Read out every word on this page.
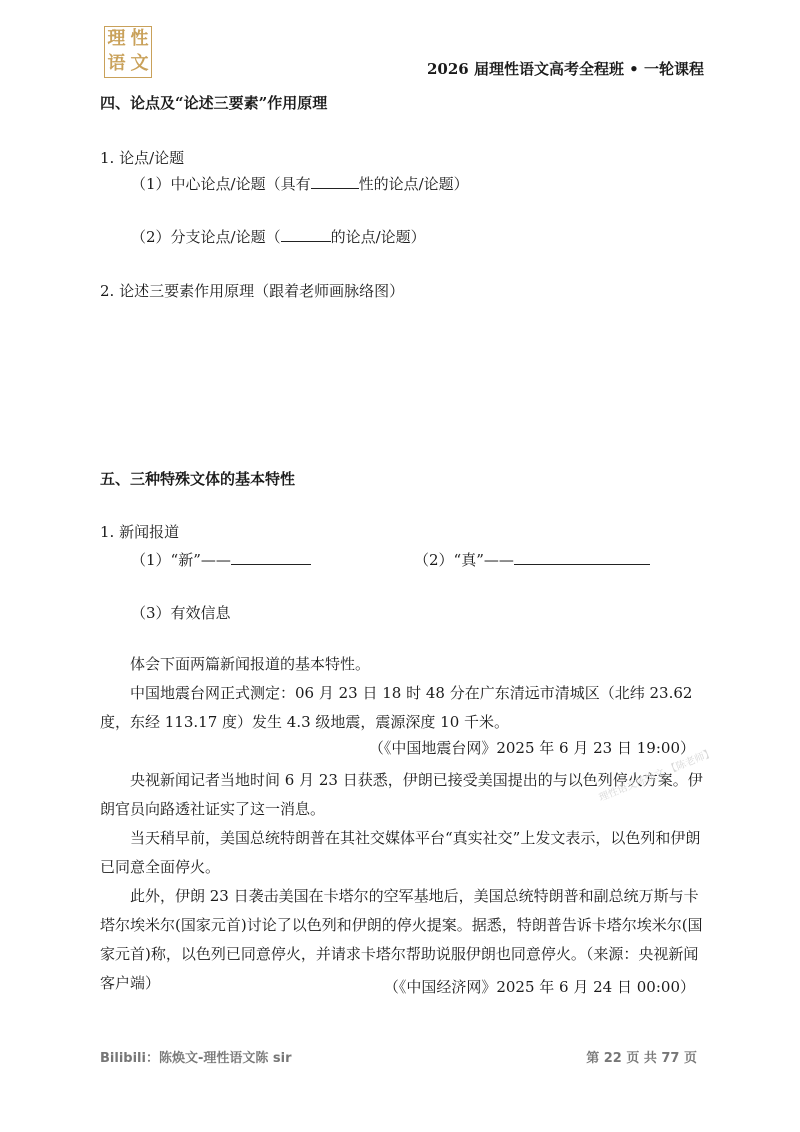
理 性
语 文	2026 届理性语文高考全程班 • 一轮课程
四、论点及“论述三要素”作用原理
1. 论点/论题
（1）中心论点/论题（具有	性的论点/论题）
（2）分支论点/论题（	的论点/论题）
2. 论述三要素作用原理（跟着老师画脉络图）
五、三种特殊文体的基本特性
1. 新闻报道
（1）“新”——	（2）“真”——
（3）有效信息
体会下面两篇新闻报道的基本特性。
中国地震台网正式测定：06 月 23 日 18 时 48 分在广东清远市清城区（北纬 23.62 度，东经 113.17 度）发生 4.3 级地震，震源深度 10 千米。
（《中国地震台网》2025 年 6 月 23 日 19:00）
央视新闻记者当地时间 6 月 23 日获悉，伊朗已接受美国提出的与以色列停火方案。伊朗官员向路透社证实了这一消息。
当天稍早前，美国总统特朗普在其社交媒体平台“真实社交”上发文表示，以色列和伊朗已同意全面停火。
此外，伊朗 23 日袭击美国在卡塔尔的空军基地后，美国总统特朗普和副总统万斯与卡塔尔埃米尔(国家元首)讨论了以色列和伊朗的停火提案。据悉，特朗普告诉卡塔尔埃米尔(国家元首)称，以色列已同意停火，并请求卡塔尔帮助说服伊朗也同意停火。（来源：央视新闻客户端）	（《中国经济网》2025 年 6 月 24 日 00:00）
理性语文陈焕文 【陈老师】
Bilibili：陈焕文-理性语文陈 sir	第 22 页 共 77 页
